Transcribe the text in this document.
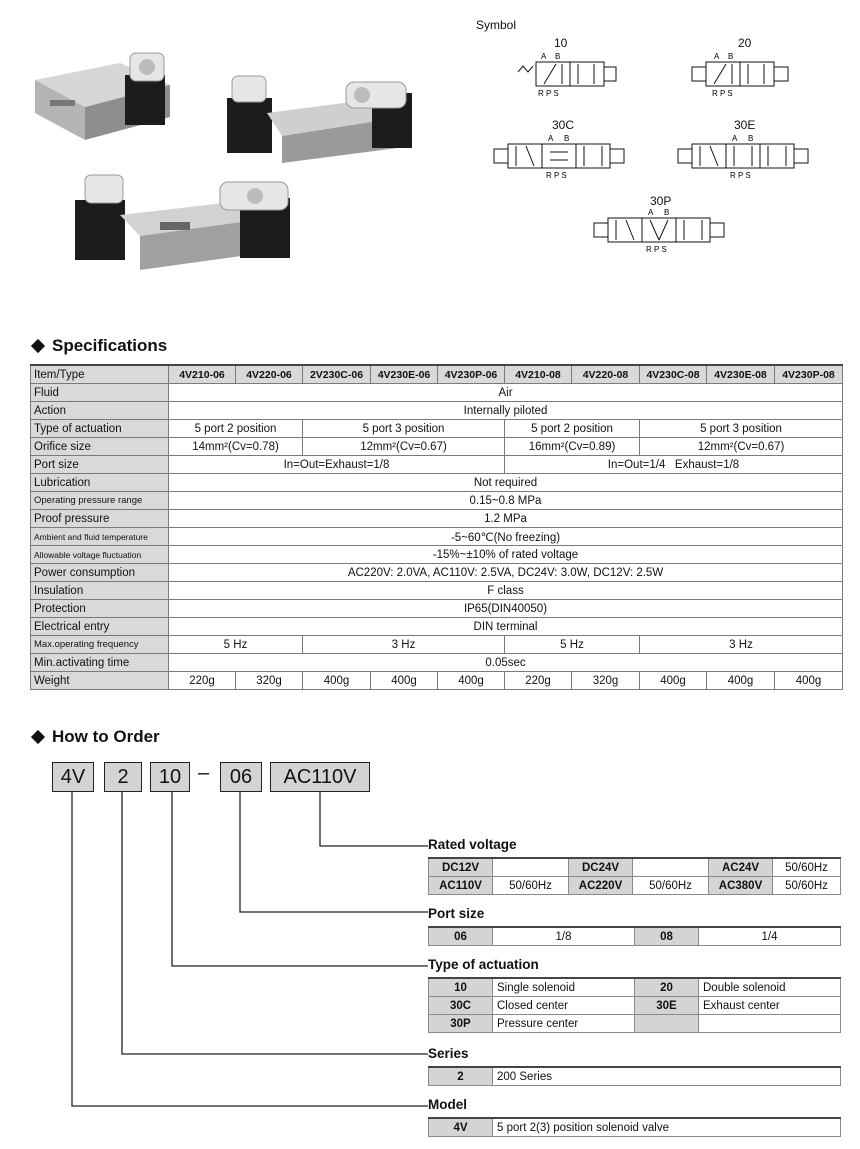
Symbol
10
A B
R P S
20
A B
R P S
30C
A B
R P S
30E
A B
R P S
30P
A B
R P S
Specifications
Item/Type	4V210-06	4V220-06	2V230C-06	4V230E-06	4V230P-06	4V210-08	4V220-08	4V230C-08	4V230E-08	4V230P-08
Fluid	Air									
Action	Internally piloted									
Type of actuation	5 port 2 position		5 port 3 position			5 port 2 position		5 port 3 position		
Orifice size	14mm²(Cv=0.78)		12mm²(Cv=0.67)			16mm²(Cv=0.89)		12mm²(Cv=0.67)		
Port size	In=Out=Exhaust=1/8					In=Out=1/4   Exhaust=1/8				
Lubrication	Not required									
Operating pressure range	0.15~0.8 MPa									
Proof pressure	1.2 MPa									
Ambient and fluid temperature	-5~60℃(No freezing)									
Allowable voltage fluctuation	-15%~±10% of rated voltage									
Power consumption	AC220V: 2.0VA, AC110V: 2.5VA, DC24V: 3.0W, DC12V: 2.5W									
Insulation	F class									
Protection	IP65(DIN40050)									
Electrical entry	DIN terminal									
Max.operating frequency	5 Hz		3 Hz			5 Hz		3 Hz		
Min.activating time	0.05sec									
Weight	220g	320g	400g	400g	400g	220g	320g	400g	400g	400g
How to Order
4V	2	10 –	06	AC110V
Rated voltage
DC12V		DC24V		AC24V	50/60Hz
AC110V	50/60Hz	AC220V	50/60Hz	AC380V	50/60Hz
Port size
06	1/8	08	1/4
Type of actuation
10	Single solenoid	20	Double solenoid
30C	Closed center	30E	Exhaust center
30P	Pressure center		
Series
2	200 Series
Model
4V	5 port 2(3) position solenoid valve
